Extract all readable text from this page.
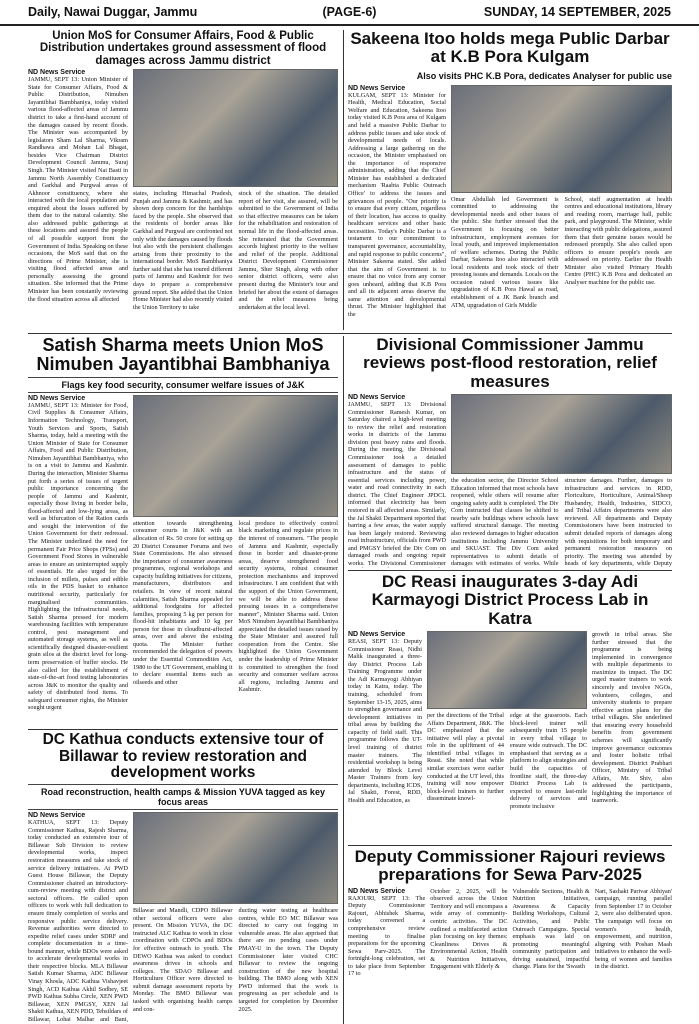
Daily, Nawai Duggar, Jammu	(PAGE-6)	SUNDAY, 14 SEPTEMBER, 2025
Union MoS for Consumer Affairs, Food & Public Distribution undertakes ground assessment of flood damages across Jammu district
ND News Service

JAMMU, SEPT 13: Union Minister of State for Consumer Affairs, Food & Public Distribution, Nimuben Jayantibhai Bambhaniya, today visited various flood-affected areas of Jammu district to take a first-hand account of the damages caused by recent floods. The Minister was accompanied by legislators Sham Lal Sharma, Vikram Randhawa and Mohan Lal Bhagat, besides Vice Chairman District Development Council Jammu, Suraj Singh. The Minister visited Nai Basti in Jammu North Assembly Constituency and Garkhal and Purgwal areas of Akhnoor constituency, where she interacted with the local population and enquired about the losses suffered by them due to the natural calamity. She also addressed public gatherings at these locations and assured the people of all possible support from the Government of India. Speaking on these occasions, the MoS said that on the directions of Prime Minister, she is visiting flood affected areas and personally assessing the ground situation. She informed that the Prime Minister has been constantly reviewing the flood situation across all affected

states, including Himachal Pradesh, Punjab and Jammu & Kashmir, and has shown deep concern for the hardships faced by the people. She observed that the residents of border areas like Garkhal and Purgwal are confronted not only with the damages caused by floods but also with the persistent challenges arising from their proximity to the international border. MoS Bambhaniya further said that she has toured different parts of Jammu and Kashmir for two days to prepare a comprehensive ground report. She added that the Union Home Minister had also recently visited the Union Territory to take

stock of the situation. The detailed report of her visit, she assured, will be submitted to the Government of India so that effective measures can be taken for the rehabilitation and restoration of normal life in the flood-affected areas. She reiterated that the Government accords highest priority to the welfare and relief of the people. Additional District Development Commissioner Jammu, Sher Singh, along with other senior district officers, were also present during the Minister's tour and briefed her about the extent of damages and the relief measures being undertaken at the local level.

Sakeena Itoo holds mega Public Darbar at K.B Pora Kulgam
Also visits PHC K.B Pora, dedicates Analyser for public use
ND News Service

KULGAM, SEPT 13: Minister for Health, Medical Education, Social Welfare and Education, Sakeena Itoo today visited K.B Pora area of Kulgam and held a massive Public Darbar to address public issues and take stock of developmental needs of locals. Addressing a large gathering on the occasion, the Minister emphasised on the importance of responsive administration, adding that the Chief Minister has established a dedicated mechanism 'Raabta Public Outreach Office' to address the issues and grievances of people. "Our priority is to ensure that every citizen, regardless of their location, has access to quality healthcare services and other basic necessities. Today's Public Darbar is a testament to our commitment to transparent governance, accountability, and rapid response to public concerns", Minister Sakeena stated. She added that the aim of Government is to ensure that no voice from any corner goes unheard, adding that K.B Pora and all its adjacent areas deserve the same attention and developmental thrust. The Minister highlighted that the

Omar Abdullah led Government is committed to addressing the developmental needs and other issues of the public. She further stressed that the Government is focusing on better infrastructure, employment avenues for local youth, and improved implementation of welfare schemes. During the Public Darbar, Sakeena Itoo also interacted with local residents and took stock of their pressing issues and demands. Locals on the occasion raised various issues like upgradation of K.B Pora Hawal as road, establishment of a JK Bank branch and ATM, upgradation of Girls Middle

School, staff augmentation at health centres and educational institutions, library and reading room, marriage hall, public park, and playground. The Minister, while interacting with public delegations, assured them that their genuine issues would be redressed promptly. She also called upon officers to ensure people's needs are addressed on priority. Earlier the Health Minister also visited Primary Health Centre (PHC) K.B Pora and dedicated an Analyser machine for the public use.

Satish Sharma meets Union MoS Nimuben Jayantibhai Bambhaniya
Flags key food security, consumer welfare issues of J&K
ND News Service

JAMMU, SEPT 13: Minister for Food, Civil Supplies & Consumer Affairs, Information Technology, Transport, Youth Services and Sports, Satish Sharma, today, held a meeting with the Union Minister of State for Consumer Affairs, Food and Public Distribution, Nimuben Jayantibhai Bambhaniya, who is on a visit to Jammu and Kashmir. During the interaction, Minister Sharma put forth a series of issues of urgent public importance concerning the people of Jammu and Kashmir, especially those living in border belts, flood-affected and low-lying areas, as well as bifurcation of the Ration cards and sought the intervention of the Union Government for their redressal. The Minister underlined the need for permanent Fair Price Shops (FPSs) and Government Food Stores in vulnerable areas to ensure an uninterrupted supply of essentials. He also urged for the inclusion of millets, pulses and edible oils in the PDS basket to enhance nutritional security, particularly for marginalised communities. Highlighting the infrastructural needs, Satish Sharma pressed for modern warehousing facilities with temperature control, pest management and automated storage systems, as well as scientifically designed disaster-resilient grain silos at the district level for long-term preservation of buffer stocks. He also called for the establishment of state-of-the-art food testing laboratories across J&K to monitor the quality and safety of distributed food items. To safeguard consumer rights, the Minister sought urgent

attention towards strengthening consumer courts in J&K with an allocation of Rs. 50 crore for setting up 20 District Consumer Forums and two State Commissions. He also stressed the importance of consumer awareness programmes, regional workshops and capacity building initiatives for citizens, manufacturers, distributors and retailers. In view of recent natural calamities, Satish Sharma appealed for additional foodgrains for affected families, proposing 5 kg per person for flood-hit inhabitants and 10 kg per person for those in cloudburst-affected areas, over and above the existing quota. The Minister further recommended the delegation of powers under the Essential Commodities Act, 1980 to the UT Government, enabling it to declare essential items such as oilseeds and other

local produce to effectively control black marketing and regulate prices in the interest of consumers. "The people of Jammu and Kashmir, especially those in border and disaster-prone areas, deserve strengthened food security systems, robust consumer protection mechanisms and improved infrastructure. I am confident that with the support of the Union Government, we will be able to address these pressing issues in a comprehensive manner", Minister Sharma said. Union MoS Nimuben Jayantibhai Bambhaniya appreciated the detailed issues raised by the State Minister and assured full cooperation from the Centre. She highlighted the Union Government under the leadership of Prime Minister is committed to strengthen the food security and consumer welfare across all regions, including Jammu and Kashmir.

Divisional Commissioner Jammu reviews post-flood restoration, relief measures
ND News Service

JAMMU, SEPT 13: Divisional Commissioner Ramesh Kumar, on Saturday chaired a high-level meeting to review the relief and restoration works in districts of the Jammu division post heavy rains and floods. During the meeting, the Divisional Commissioner took a detailed assessment of damages to public infrastructure and the status of essential services including power, water and road connectivity in each district. The Chief Engineer JPDCL informed that electricity has been restored in all affected areas. Similarly, the Jal Shakti Department reported that barring a few areas, the water supply has been largely restored. Reviewing road infrastructure, officials from PWD and PMGSY briefed the Div Com on damaged roads and ongoing repair works. The Divisional Commissioner

the education sector, the Director School Education informed that most schools have reopened, while others will resume after ongoing safety audit is completed. The Div Com instructed that classes be shifted to nearby safe buildings where schools have suffered structural damage. The meeting also reviewed damages to higher education institutions including Jammu University and SKUAST. The Div Com asked representatives to submit details of damages with estimates of works. While

structure damages. Further, damages to infrastructure and services in RDD, Floriculture, Horticulture, Animal/Sheep Husbandry, Health, Industries, SIDCO, and Tribal Affairs departments were also reviewed. All departments and Deputy Commissioners have been instructed to submit detailed reports of damages along with requisitions for both temporary and permanent restoration measures on priority. The meeting was attended by heads of key departments, while Deputy

DC Reasi inaugurates 3-day Adi Karmayogi District Process Lab in Katra
ND News Service

REASI, SEPT 13: Deputy Commissioner Reasi, Nidhi Malik inaugurated a three-day District Process Lab Training Programme under the Adi Karmayogi Abhiyan today in Katra, today. The training, scheduled from September 13-15, 2025, aims to strengthen governance and development initiatives in tribal areas by building the capacity of field staff. This programme follows the UT-level training of district master trainers. The residential workshop is being attended by Block Level Master Trainers from key departments, including ICDS, Jal Shakti, Forest, RDD, Health and Education, as

per the directions of the Tribal Affairs Department, J&K. The DC emphasized that the initiative will play a pivotal role in the upliftment of 44 identified tribal villages in Reasi. She noted that while similar exercises were earlier conducted at the UT level, this training will now empower block-level trainers to further disseminate knowl-

edge at the grassroots. Each block-level trainer will subsequently train 15 people in every tribal village to ensure wide outreach. The DC emphasised that serving as a platform to align strategies and build the capacities of frontline staff, the three-day District Process Lab is expected to ensure last-mile delivery of services and promote inclusive

growth in tribal areas. She further stressed that the programme is being implemented in convergence with multiple departments to maximize its impact. The DC urged master trainers to work sincerely and involve NGOs, volunteers, colleges, and university students to prepare effective action plans for the tribal villages. She underlined that ensuring every household benefits from government schemes will significantly improve governance outcomes and foster holistic tribal development. District Prabhari Officer, Ministry of Tribal Affairs, Mr. Shiv, also addressed the participants, highlighting the importance of teamwork.

DC Kathua conducts extensive tour of Billawar to review restoration and development works
Road reconstruction, health camps & Mission YUVA tagged as key focus areas
ND News Service

KATHUA, SEPT 13: Deputy Commissioner Kathua, Rajesh Sharma, today conducted an extensive tour of Billawar Sub Division to review developmental works, inspect restoration measures and take stock of service delivery initiatives. At PWD Guest House Billawar, the Deputy Commissioner chaired an introductory-cum-review meeting with district and sectoral officers. He called upon officers to work with full dedication to ensure timely completion of works and responsive public service delivery. Revenue authorities were directed to expedite relief cases under SDRF and complete documentation in a time-bound manner, while BDOs were asked to accelerate developmental works in their respective blocks. MLA Billawar Satish Kumar Sharma, ADC Billawar Vinay Khosla, ADC Kathua Vishavjeet Singh, ACD Kathua Akhil Sodhey, SE PWD Kathua Subha Circle, XEN PWD Billawar, XEN PMGSY, XEN Jal Shakti Kathua, XEN PDD, Tehsildars of Billawar, Lohai Malhar and Bani,

Billawar and Mandli, CDPO Billawar other sectoral officers were also present. On Mission YUVA, the DC instructed ALC Kathua to work in close coordination with CDPOs and BDOs for effective outreach to youth. The DEWO Kathua was asked to conduct awareness drives in schools and colleges. The SDAO Billawar and Horticulture Officer were directed to submit damage assessment reports by Monday. The BMO Billawar was tasked with organising health camps and con-

ducting water testing at healthcare centres, while EO MC Billawar was directed to carry out fogging in vulnerable areas. He also apprised that there are no pending cases under PMAY-U in the town. The Deputy Commissioner later visited CHC Billawar to review the ongoing construction of the new hospital building. The BMO along with XEN PWD informed that the work is progressing as per schedule and is targeted for completion by December 2025.

Deputy Commissioner Rajouri reviews preparations for Sewa Parv-2025
ND News Service

RAJOURI, SEPT 13: The Deputy Commissioner Rajouri, Abhishek Sharma, today convened a comprehensive review meeting to finalise preparations for the upcoming Sewa Parv-2025. The fortnight-long celebration, set to take place from September 17 to

October 2, 2025, will be observed across the Union Territory and will encompass a wide array of community-centric activities. The DC outlined a multifaceted action plan focusing on key themes: Cleanliness Drives & Environmental Action, Health & Nutrition Initiatives, Engagement with Elderly &

Vulnerable Sections, Health & Nutrition Initiatives, Awareness & Capacity Building Workshops, Cultural Activities, and Public Outreach Campaigns. Special emphasis was laid on promoting meaningful community participation and driving sustained, impactful change. Plans for the 'Swasth

Nari, Sashakt Parivar Abhiyan' campaign, running parallel from September 17 to October 2, were also deliberated upon. The campaign will focus on women's health, empowerment, and nutrition, aligning with Poshan Maah initiatives to enhance the well-being of women and families in the district.
